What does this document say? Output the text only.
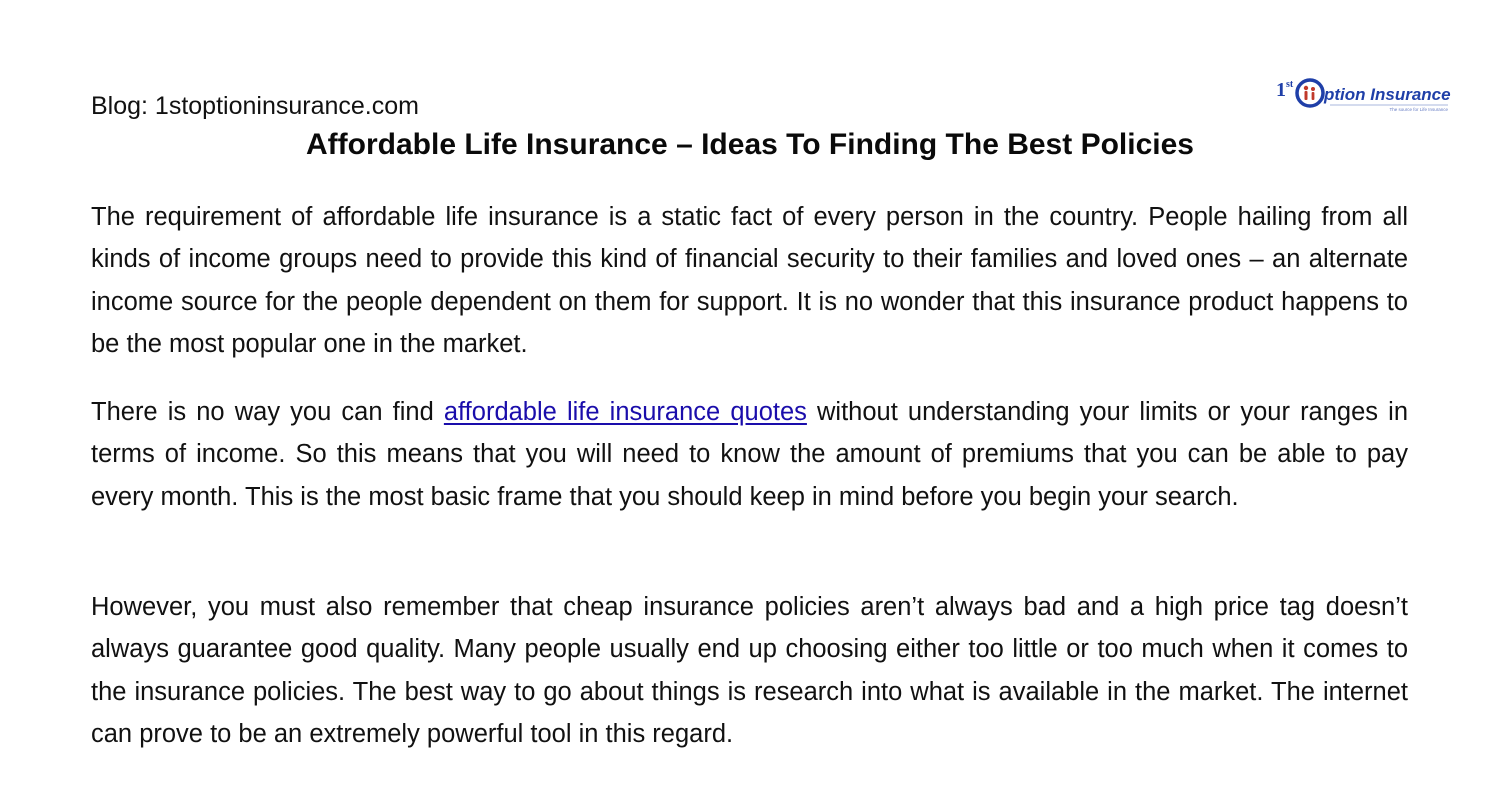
Blog: 1stoptioninsurance.com
1 st
ption Insurance
The source for Life Insurance
Affordable Life Insurance – Ideas To Finding The Best Policies

The requirement of affordable life insurance is a static fact of every person in the country. People hailing from all kinds of income groups need to provide this kind of financial security to their families and loved ones – an alternate income source for the people dependent on them for support. It is no wonder that this insurance product happens to be the most popular one in the market.

There is no way you can find affordable life insurance quotes without understanding your limits or your ranges in terms of income. So this means that you will need to know the amount of premiums that you can be able to pay every month. This is the most basic frame that you should keep in mind before you begin your search.

However, you must also remember that cheap insurance policies aren’t always bad and a high price tag doesn’t always guarantee good quality. Many people usually end up choosing either too little or too much when it comes to the insurance policies. The best way to go about things is research into what is available in the market. The internet can prove to be an extremely powerful tool in this regard.
